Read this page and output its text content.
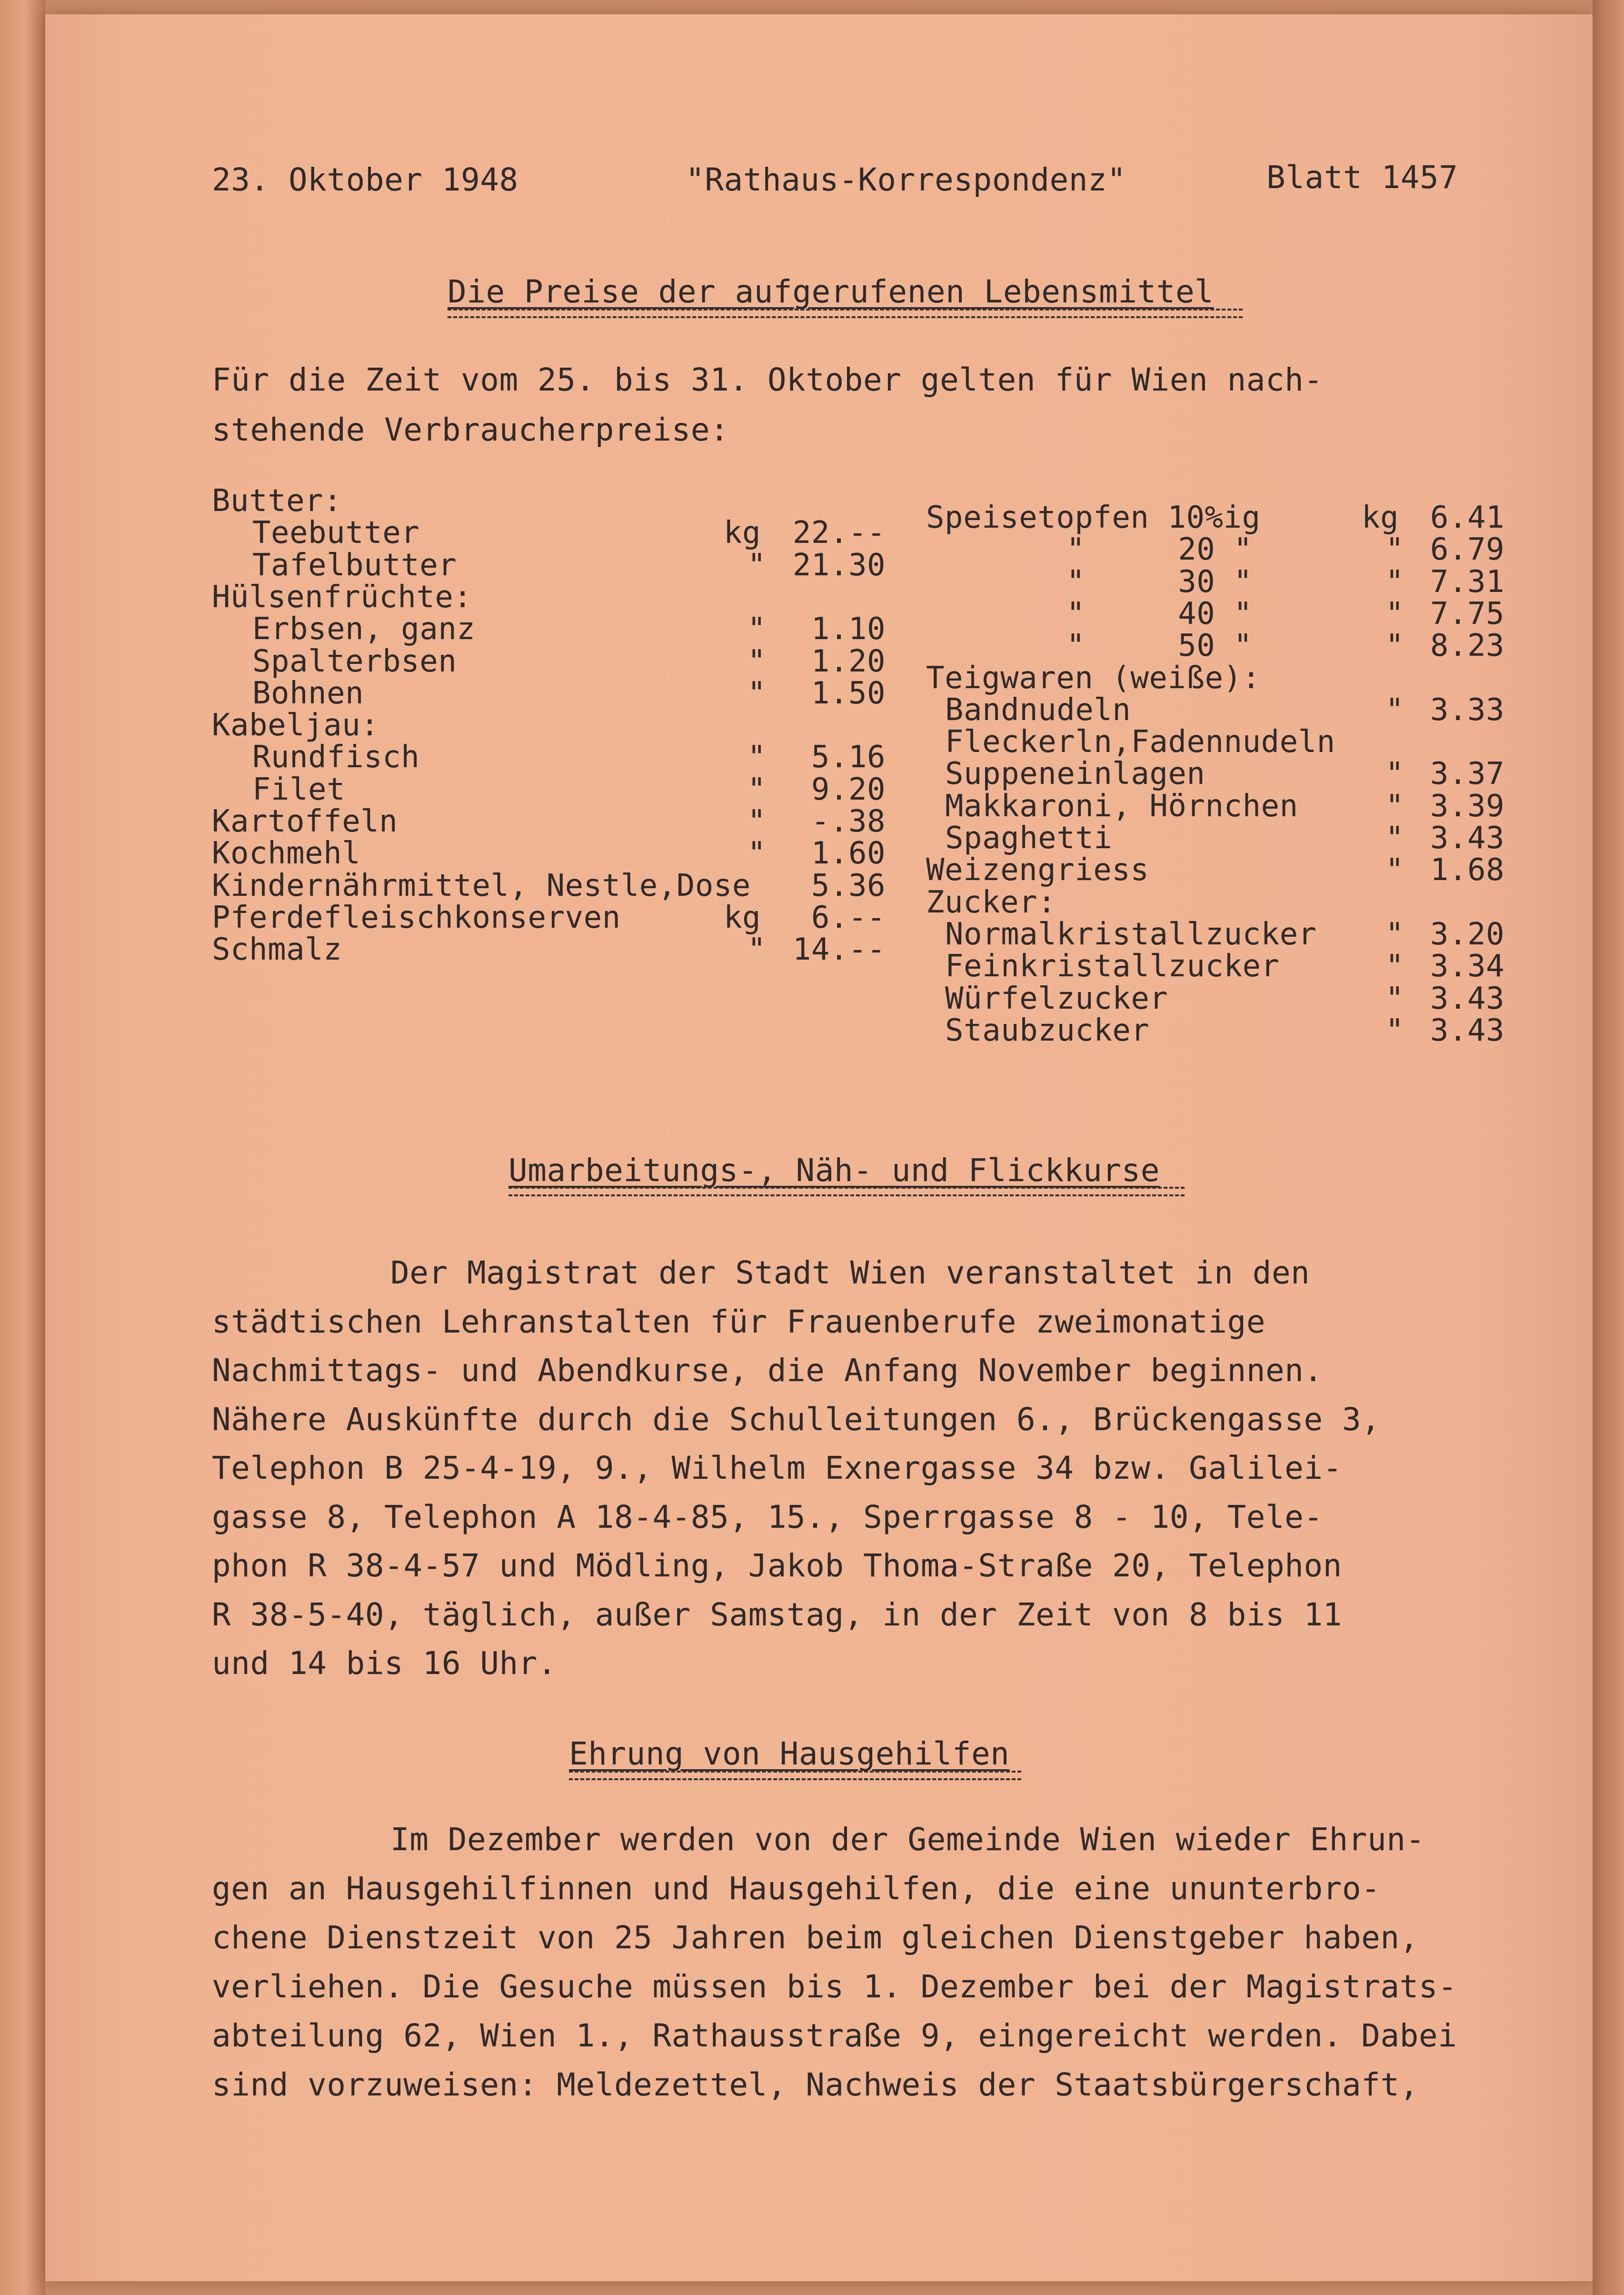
23. Oktober 1948	"Rathaus-Korrespondenz"	Blatt 1457
Die Preise der aufgerufenen Lebensmittel
Für die Zeit vom 25. bis 31. Oktober gelten für Wien nach-
stehende Verbraucherpreise:
Butter:
Teebutter	kg	22.--
Tafelbutter	" 21.30
Hülsenfrüchte:
Erbsen, ganz	"	1.10
Spalterbsen	"	1.20
Bohnen	"	1.50
Kabeljau:
Rundfisch	"	5.16
Filet	"	9.20
Kartoffeln	"	-.38
Kochmehl	"	1.60
Kindernährmittel, Nestle,Dose	5.36
Pferdefleischkonserven	kg	6.--
Schmalz	" 14.--
Speisetopfen 10%ig	kg	6.41
"     20 "	" 6.79
"     30 "	" 7.31
"     40 "	" 7.75
"     50 "	" 8.23
Teigwaren (weiße):
Bandnudeln	" 3.33
Fleckerln,Fadennudeln
Suppeneinlagen	" 3.37
Makkaroni, Hörnchen	" 3.39
Spaghetti	" 3.43
Weizengriess	" 1.68
Zucker:
Normalkristallzucker " 3.20
Feinkristallzucker	" 3.34
Würfelzucker	" 3.43
Staubzucker	" 3.43
Umarbeitungs-, Näh- und Flickkurse
Der Magistrat der Stadt Wien veranstaltet in den
städtischen Lehranstalten für Frauenberufe zweimonatige
Nachmittags- und Abendkurse, die Anfang November beginnen.
Nähere Auskünfte durch die Schulleitungen 6., Brückengasse 3,
Telephon B 25-4-19, 9., Wilhelm Exnergasse 34 bzw. Galilei-
gasse 8, Telephon A 18-4-85, 15., Sperrgasse 8 - 10, Tele-
phon R 38-4-57 und Mödling, Jakob Thoma-Straße 20, Telephon
R 38-5-40, täglich, außer Samstag, in der Zeit von 8 bis 11
und 14 bis 16 Uhr.
Ehrung von Hausgehilfen
Im Dezember werden von der Gemeinde Wien wieder Ehrun-
gen an Hausgehilfinnen und Hausgehilfen, die eine ununterbro-
chene Dienstzeit von 25 Jahren beim gleichen Dienstgeber haben,
verliehen. Die Gesuche müssen bis 1. Dezember bei der Magistrats-
abteilung 62, Wien 1., Rathausstraße 9, eingereicht werden. Dabei
sind vorzuweisen: Meldezettel, Nachweis der Staatsbürgerschaft,
